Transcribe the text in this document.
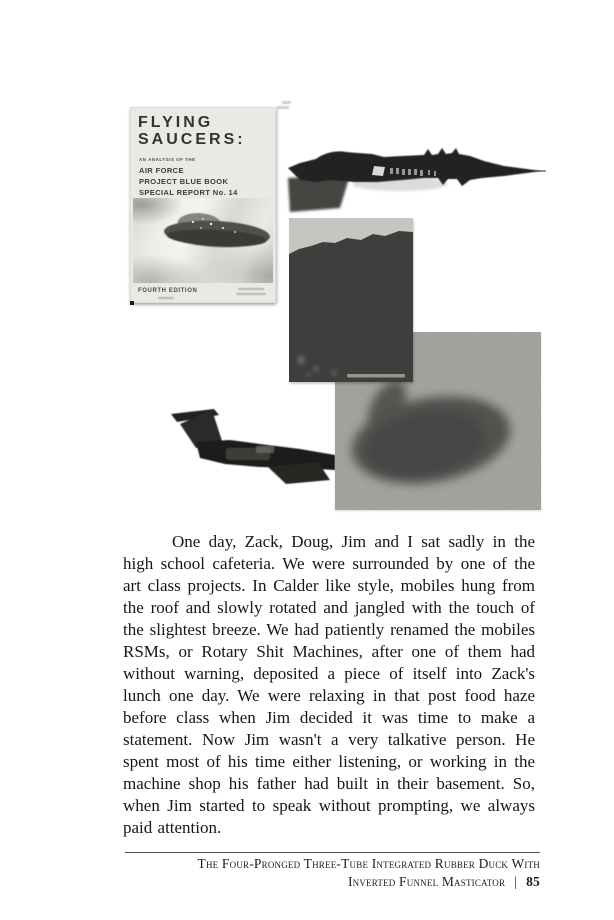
FLYING
SAUCERS:
AN ANALYSIS OF THE
AIR FORCE
PROJECT BLUE BOOK
SPECIAL REPORT No. 14
FOURTH EDITION

One day, Zack, Doug, Jim and I sat sadly in the high school cafeteria. We were surrounded by one of the art class projects. In Calder like style, mobiles hung from the roof and slowly rotated and jangled with the touch of the slightest breeze. We had patiently renamed the mobiles RSMs, or Rotary Shit Machines, after one of them had without warning, deposited a piece of itself into Zack's lunch one day. We were relaxing in that post food haze before class when Jim decided it was time to make a statement. Now Jim wasn't a very talkative person. He spent most of his time either listening, or working in the machine shop his father had built in their basement. So, when Jim started to speak without prompting, we always paid attention.

The Four-Pronged Three-Tube Integrated Rubber Duck With
Inverted Funnel Masticator | 85
